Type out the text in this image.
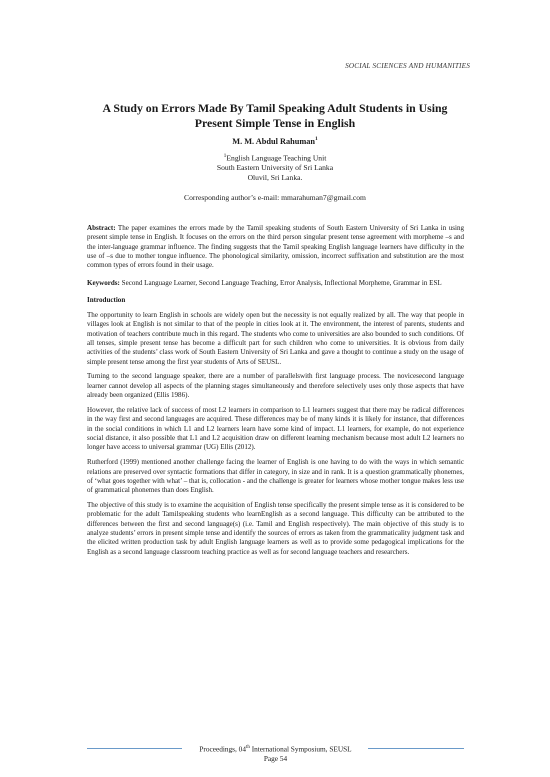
SOCIAL SCIENCES AND HUMANITIES
A Study on Errors Made By Tamil Speaking Adult Students in Using Present Simple Tense in English
M. M. Abdul Rahuman$^1$
$^1$English Language Teaching Unit
South Eastern University of Sri Lanka
Oluvil, Sri Lanka.
Corresponding author’s e-mail: mmarahuman7@gmail.com

Abstract: The paper examines the errors made by the Tamil speaking students of South Eastern University of Sri Lanka in using present simple tense in English. It focuses on the errors on the third person singular present tense agreement with morpheme –s and the inter-language grammar influence. The finding suggests that the Tamil speaking English language learners have difficulty in the use of –s due to mother tongue influence. The phonological similarity, omission, incorrect suffixation and substitution are the most common types of errors found in their usage.

Keywords: Second Language Learner, Second Language Teaching, Error Analysis, Inflectional Morpheme, Grammar in ESL

Introduction

The opportunity to learn English in schools are widely open but the necessity is not equally realized by all. The way that people in villages look at English is not similar to that of the people in cities look at it. The environment, the interest of parents, students and motivation of teachers contribute much in this regard. The students who come to universities are also bounded to such conditions. Of all tenses, simple present tense has become a difficult part for such children who come to universities. It is obvious from daily activities of the students’ class work of South Eastern University of Sri Lanka and gave a thought to continue a study on the usage of simple present tense among the first year students of Arts of SEUSL.

Turning to the second language speaker, there are a number of parallelswith first language process. The novicesecond language learner cannot develop all aspects of the planning stages simultaneously and therefore selectively uses only those aspects that have already been organized (Ellis 1986).

However, the relative lack of success of most L2 learners in comparison to L1 learners suggest that there may be radical differences in the way first and second languages are acquired. These differences may be of many kinds it is likely for instance, that differences in the social conditions in which L1 and L2 learners learn have some kind of impact. L1 learners, for example, do not experience social distance, it also possible that L1 and L2 acquisition draw on different learning mechanism because most adult L2 learners no longer have access to universal grammar (UG) Ellis (2012).

Rutherford (1999) mentioned another challenge facing the learner of English is one having to do with the ways in which semantic relations are preserved over syntactic formations that differ in category, in size and in rank. It is a question grammatically phonemes, of ‘what goes together with what’ – that is, collocation - and the challenge is greater for learners whose mother tongue makes less use of grammatical phonemes than does English.

The objective of this study is to examine the acquisition of English tense specifically the present simple tense as it is considered to be problematic for the adult Tamilspeaking students who learnEnglish as a second language. This difficulty can be attributed to the differences between the first and second language(s) (i.e. Tamil and English respectively). The main objective of this study is to analyze students’ errors in present simple tense and identify the sources of errors as taken from the grammaticality judgment task and the elicited written production task by adult English language learners as well as to provide some pedagogical implications for the English as a second language classroom teaching practice as well as for second language teachers and researchers.

Proceedings, 04th International Symposium, SEUSL
Page 54
